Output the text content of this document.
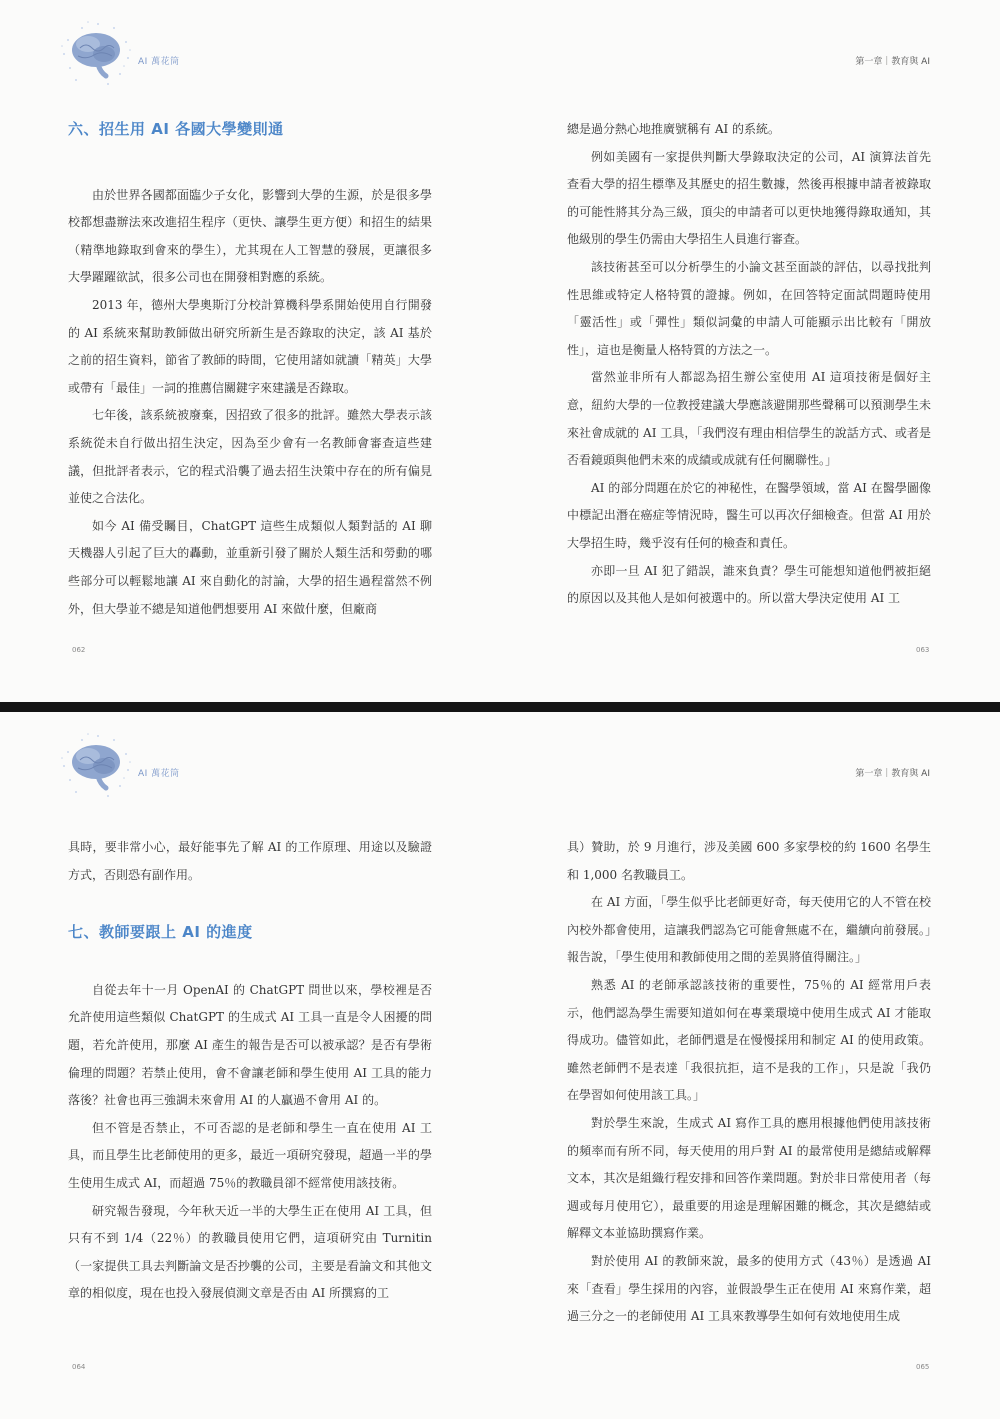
AI 萬花筒	第一章｜教育與 AI
六、招生用 AI 各國大學變則通

由於世界各國都面臨少子女化，影響到大學的生源，於是很多學校都想盡辦法來改進招生程序（更快、讓學生更方便）和招生的結果（精準地錄取到會來的學生），尤其現在人工智慧的發展，更讓很多大學躍躍欲試，很多公司也在開發相對應的系統。

2013 年，德州大學奧斯汀分校計算機科學系開始使用自行開發的 AI 系統來幫助教師做出研究所新生是否錄取的決定，該 AI 基於之前的招生資料，節省了教師的時間，它使用諸如就讀「精英」大學或帶有「最佳」一詞的推薦信關鍵字來建議是否錄取。

七年後，該系統被廢棄，因招致了很多的批評。雖然大學表示該系統從未自行做出招生決定，因為至少會有一名教師會審查這些建議，但批評者表示，它的程式沿襲了過去招生決策中存在的所有偏見並使之合法化。

如今 AI 備受矚目，ChatGPT 這些生成類似人類對話的 AI 聊天機器人引起了巨大的轟動，並重新引發了關於人類生活和勞動的哪些部分可以輕鬆地讓 AI 來自動化的討論，大學的招生過程當然不例外，但大學並不總是知道他們想要用 AI 來做什麼，但廠商

062

總是過分熱心地推廣號稱有 AI 的系統。

例如美國有一家提供判斷大學錄取決定的公司，AI 演算法首先查看大學的招生標準及其歷史的招生數據，然後再根據申請者被錄取的可能性將其分為三級，頂尖的申請者可以更快地獲得錄取通知，其他級別的學生仍需由大學招生人員進行審查。

該技術甚至可以分析學生的小論文甚至面談的評估，以尋找批判性思維或特定人格特質的證據。例如，在回答特定面試問題時使用「靈活性」或「彈性」類似詞彙的申請人可能顯示出比較有「開放性」，這也是衡量人格特質的方法之一。

當然並非所有人都認為招生辦公室使用 AI 這項技術是個好主意，紐約大學的一位教授建議大學應該避開那些聲稱可以預測學生未來社會成就的 AI 工具，「我們沒有理由相信學生的說話方式、或者是否看鏡頭與他們未來的成績或成就有任何關聯性。」

AI 的部分問題在於它的神秘性，在醫學領域，當 AI 在醫學圖像中標記出潛在癌症等情況時，醫生可以再次仔細檢查。但當 AI 用於大學招生時，幾乎沒有任何的檢查和責任。

亦即一旦 AI 犯了錯誤，誰來負責？學生可能想知道他們被拒絕的原因以及其他人是如何被選中的。所以當大學決定使用 AI 工

063
AI 萬花筒	第一章｜教育與 AI

具時，要非常小心，最好能事先了解 AI 的工作原理、用途以及驗證方式，否則恐有副作用。

七、教師要跟上 AI 的進度

自從去年十一月 OpenAI 的 ChatGPT 問世以來，學校裡是否允許使用這些類似 ChatGPT 的生成式 AI 工具一直是令人困擾的問題，若允許使用，那麼 AI 產生的報告是否可以被承認？是否有學術倫理的問題？若禁止使用，會不會讓老師和學生使用 AI 工具的能力落後？社會也再三強調未來會用 AI 的人贏過不會用 AI 的。

但不管是否禁止，不可否認的是老師和學生一直在使用 AI 工具，而且學生比老師使用的更多，最近一項研究發現，超過一半的學生使用生成式 AI，而超過 75％的教職員卻不經常使用該技術。

研究報告發現，今年秋天近一半的大學生正在使用 AI 工具，但只有不到 1/4（22％）的教職員使用它們，這項研究由 Turnitin（一家提供工具去判斷論文是否抄襲的公司，主要是看論文和其他文章的相似度，現在也投入發展偵測文章是否由 AI 所撰寫的工

064

具）贊助，於 9 月進行，涉及美國 600 多家學校的約 1600 名學生和 1,000 名教職員工。

在 AI 方面，「學生似乎比老師更好奇，每天使用它的人不管在校內校外都會使用，這讓我們認為它可能會無處不在，繼續向前發展。」報告說，「學生使用和教師使用之間的差異將值得關注。」

熟悉 AI 的老師承認該技術的重要性，75％的 AI 經常用戶表示，他們認為學生需要知道如何在專業環境中使用生成式 AI 才能取得成功。儘管如此，老師們還是在慢慢採用和制定 AI 的使用政策。雖然老師們不是表達「我很抗拒，這不是我的工作」，只是說「我仍在學習如何使用該工具。」

對於學生來說，生成式 AI 寫作工具的應用根據他們使用該技術的頻率而有所不同，每天使用的用戶對 AI 的最常使用是總結或解釋文本，其次是組織行程安排和回答作業問題。對於非日常使用者（每週或每月使用它），最重要的用途是理解困難的概念，其次是總結或解釋文本並協助撰寫作業。

對於使用 AI 的教師來說，最多的使用方式（43％）是透過 AI 來「查看」學生採用的內容，並假設學生正在使用 AI 來寫作業，超過三分之一的老師使用 AI 工具來教導學生如何有效地使用生成

065
